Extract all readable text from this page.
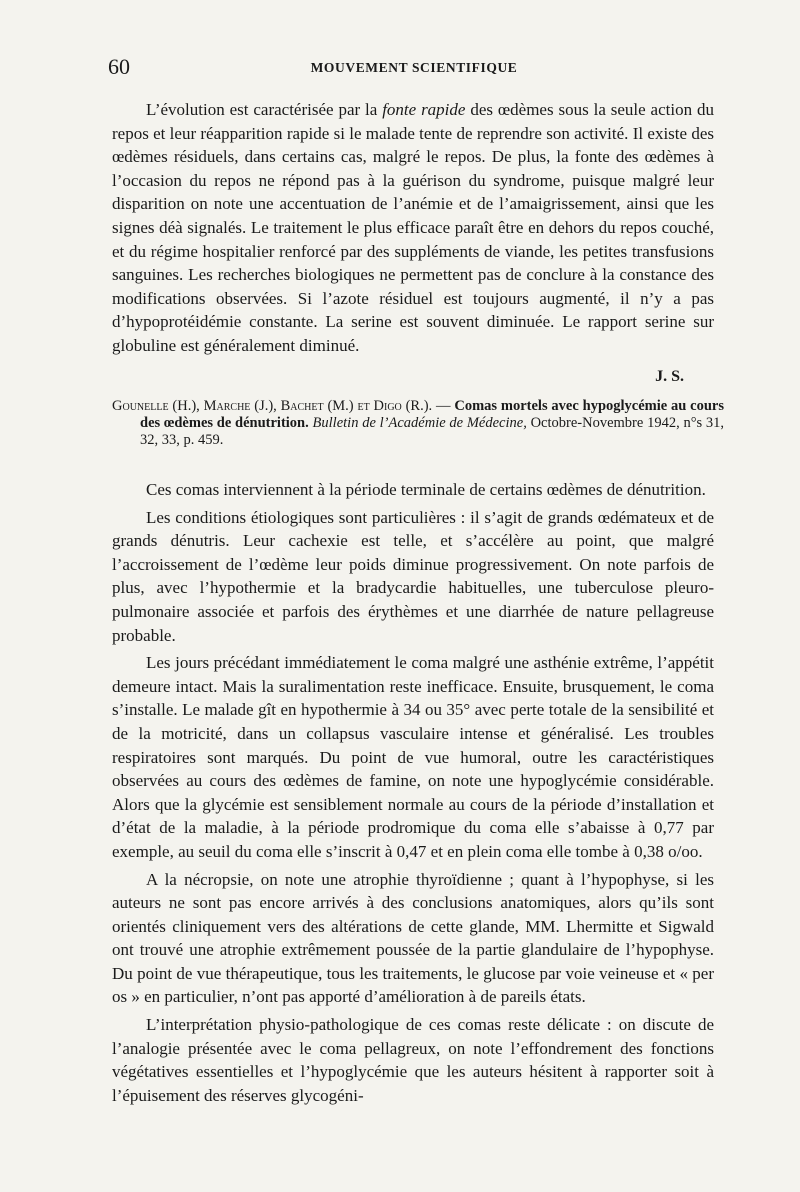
60	MOUVEMENT SCIENTIFIQUE

L’évolution est caractérisée par la fonte rapide des œdèmes sous la seule action du repos et leur réapparition rapide si le malade tente de reprendre son activité. Il existe des œdèmes résiduels, dans certains cas, malgré le repos. De plus, la fonte des œdèmes à l’occasion du repos ne répond pas à la guérison du syndrome, puisque malgré leur disparition on note une accentuation de l’anémie et de l’amaigrissement, ainsi que les signes déà signalés. Le traitement le plus efficace paraît être en dehors du repos couché, et du régime hospitalier renforcé par des suppléments de viande, les petites transfusions sanguines. Les recherches biologiques ne permettent pas de conclure à la constance des modifications observées. Si l’azote résiduel est toujours augmenté, il n’y a pas d’hypoprotéidémie constante. La serine est souvent diminuée. Le rapport serine sur globuline est généralement diminué.

J. S.
Gounelle (H.), Marche (J.), Bachet (M.) et Digo (R.). — Comas mortels avec hypoglycémie au cours des œdèmes de dénutrition. Bulletin de l’Académie de Médecine, Octobre-Novembre 1942, n°s 31, 32, 33, p. 459.

Ces comas interviennent à la période terminale de certains œdèmes de dénutrition.

Les conditions étiologiques sont particulières : il s’agit de grands œdémateux et de grands dénutris. Leur cachexie est telle, et s’accélère au point, que malgré l’accroissement de l’œdème leur poids diminue progressivement. On note parfois de plus, avec l’hypothermie et la bradycardie habituelles, une tuberculose pleuro-pulmonaire associée et parfois des érythèmes et une diarrhée de nature pellagreuse probable.

Les jours précédant immédiatement le coma malgré une asthénie extrême, l’appétit demeure intact. Mais la suralimentation reste inefficace. Ensuite, brusquement, le coma s’installe. Le malade gît en hypothermie à 34 ou 35° avec perte totale de la sensibilité et de la motricité, dans un collapsus vasculaire intense et généralisé. Les troubles respiratoires sont marqués. Du point de vue humoral, outre les caractéristiques observées au cours des œdèmes de famine, on note une hypoglycémie considérable. Alors que la glycémie est sensiblement normale au cours de la période d’installation et d’état de la maladie, à la période prodromique du coma elle s’abaisse à 0,77 par exemple, au seuil du coma elle s’inscrit à 0,47 et en plein coma elle tombe à 0,38 o/oo.

A la nécropsie, on note une atrophie thyroïdienne ; quant à l’hypophyse, si les auteurs ne sont pas encore arrivés à des conclusions anatomiques, alors qu’ils sont orientés cliniquement vers des altérations de cette glande, MM. Lhermitte et Sigwald ont trouvé une atrophie extrêmement poussée de la partie glandulaire de l’hypophyse. Du point de vue thérapeutique, tous les traitements, le glucose par voie veineuse et « per os » en particulier, n’ont pas apporté d’amélioration à de pareils états.

L’interprétation physio-pathologique de ces comas reste délicate : on discute de l’analogie présentée avec le coma pellagreux, on note l’effondrement des fonctions végétatives essentielles et l’hypoglycémie que les auteurs hésitent à rapporter soit à l’épuisement des réserves glycogéni-
